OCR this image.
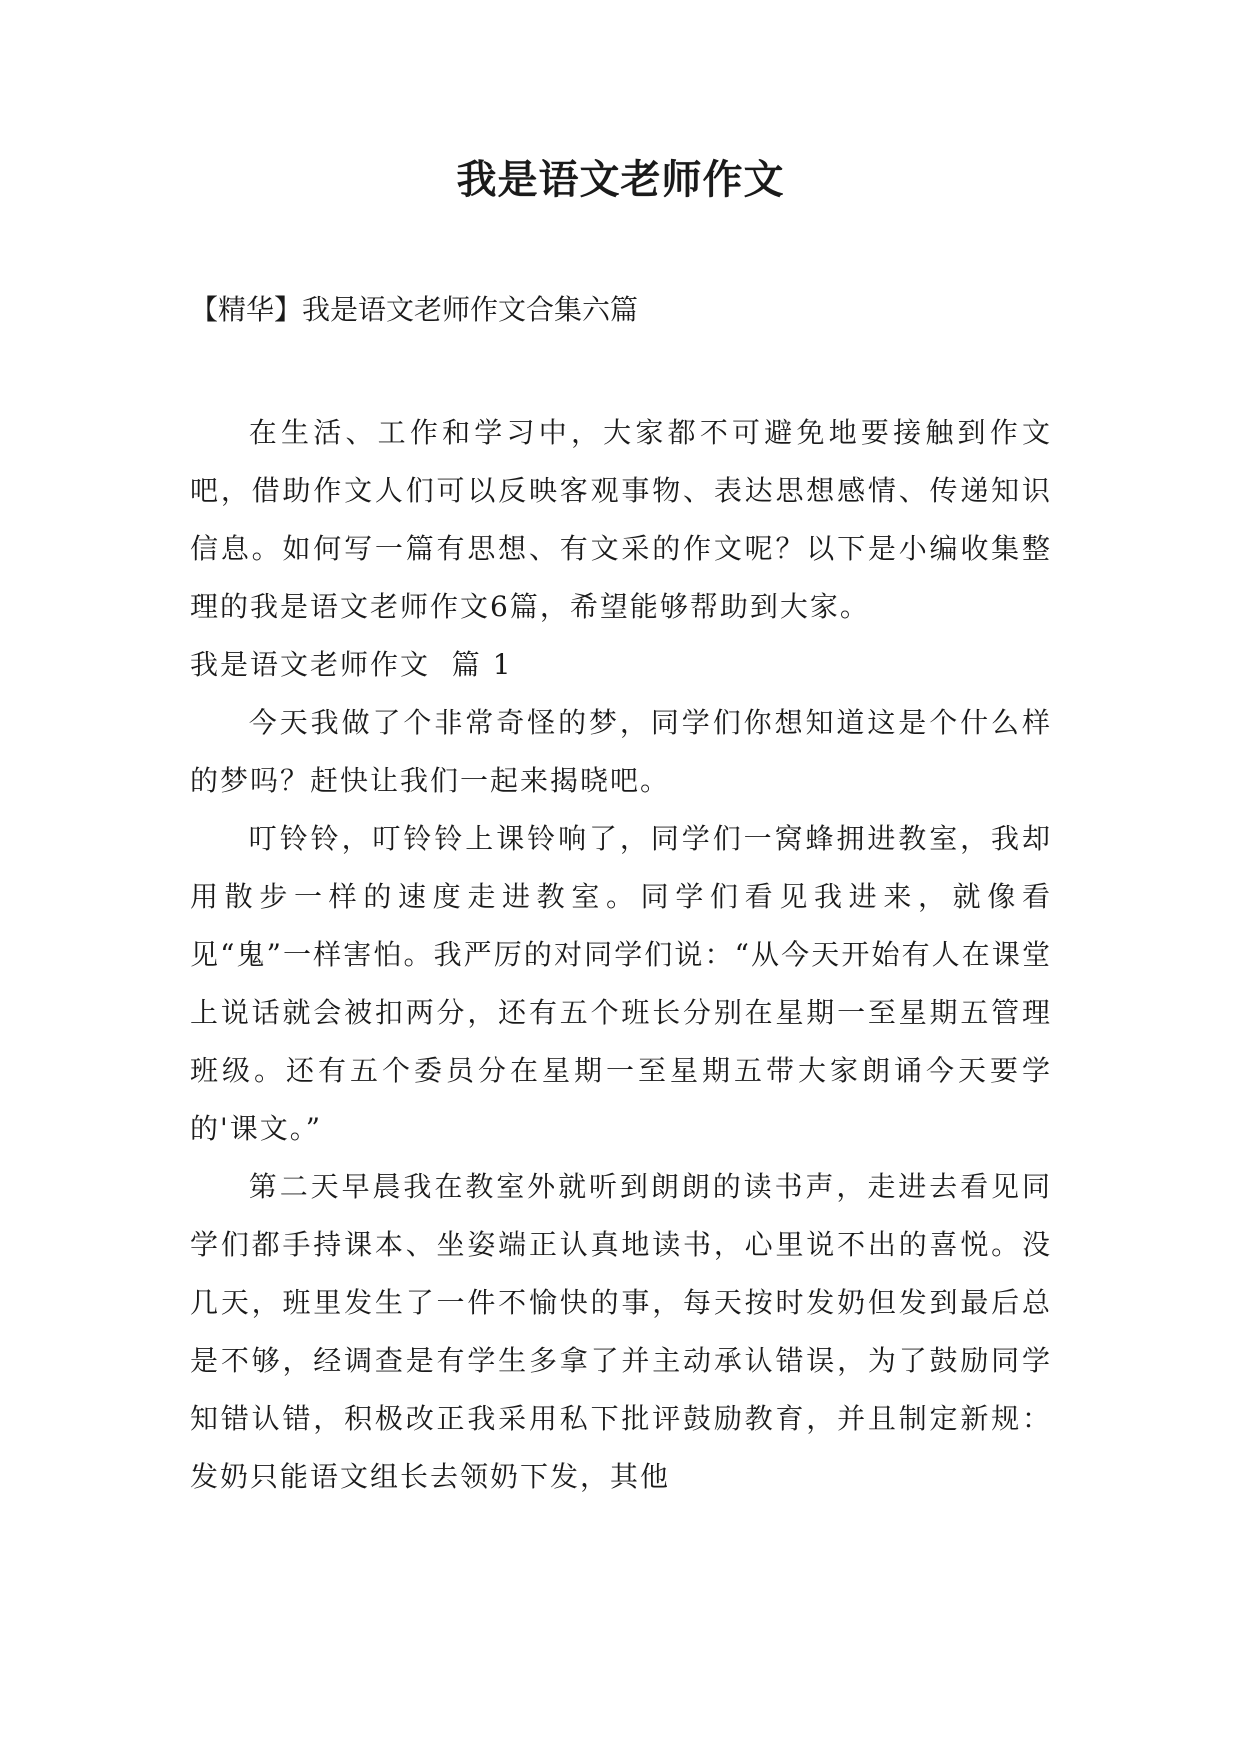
我是语文老师作文

【精华】我是语文老师作文合集六篇

在生活、工作和学习中，大家都不可避免地要接触到作文吧，借助作文人们可以反映客观事物、表达思想感情、传递知识信息。如何写一篇有思想、有文采的作文呢？以下是小编收集整理的我是语文老师作文6篇，希望能够帮助到大家。

我是语文老师作文  篇 1

今天我做了个非常奇怪的梦，同学们你想知道这是个什么样的梦吗？赶快让我们一起来揭晓吧。

叮铃铃，叮铃铃上课铃响了，同学们一窝蜂拥进教室，我却用散步一样的速度走进教室。同学们看见我进来，就像看见“鬼”一样害怕。我严厉的对同学们说：“从今天开始有人在课堂上说话就会被扣两分，还有五个班长分别在星期一至星期五管理班级。还有五个委员分在星期一至星期五带大家朗诵今天要学的'课文。”

第二天早晨我在教室外就听到朗朗的读书声，走进去看见同学们都手持课本、坐姿端正认真地读书，心里说不出的喜悦。没几天，班里发生了一件不愉快的事，每天按时发奶但发到最后总是不够，经调查是有学生多拿了并主动承认错误，为了鼓励同学知错认错，积极改正我采用私下批评鼓励教育，并且制定新规：发奶只能语文组长去领奶下发，其他
